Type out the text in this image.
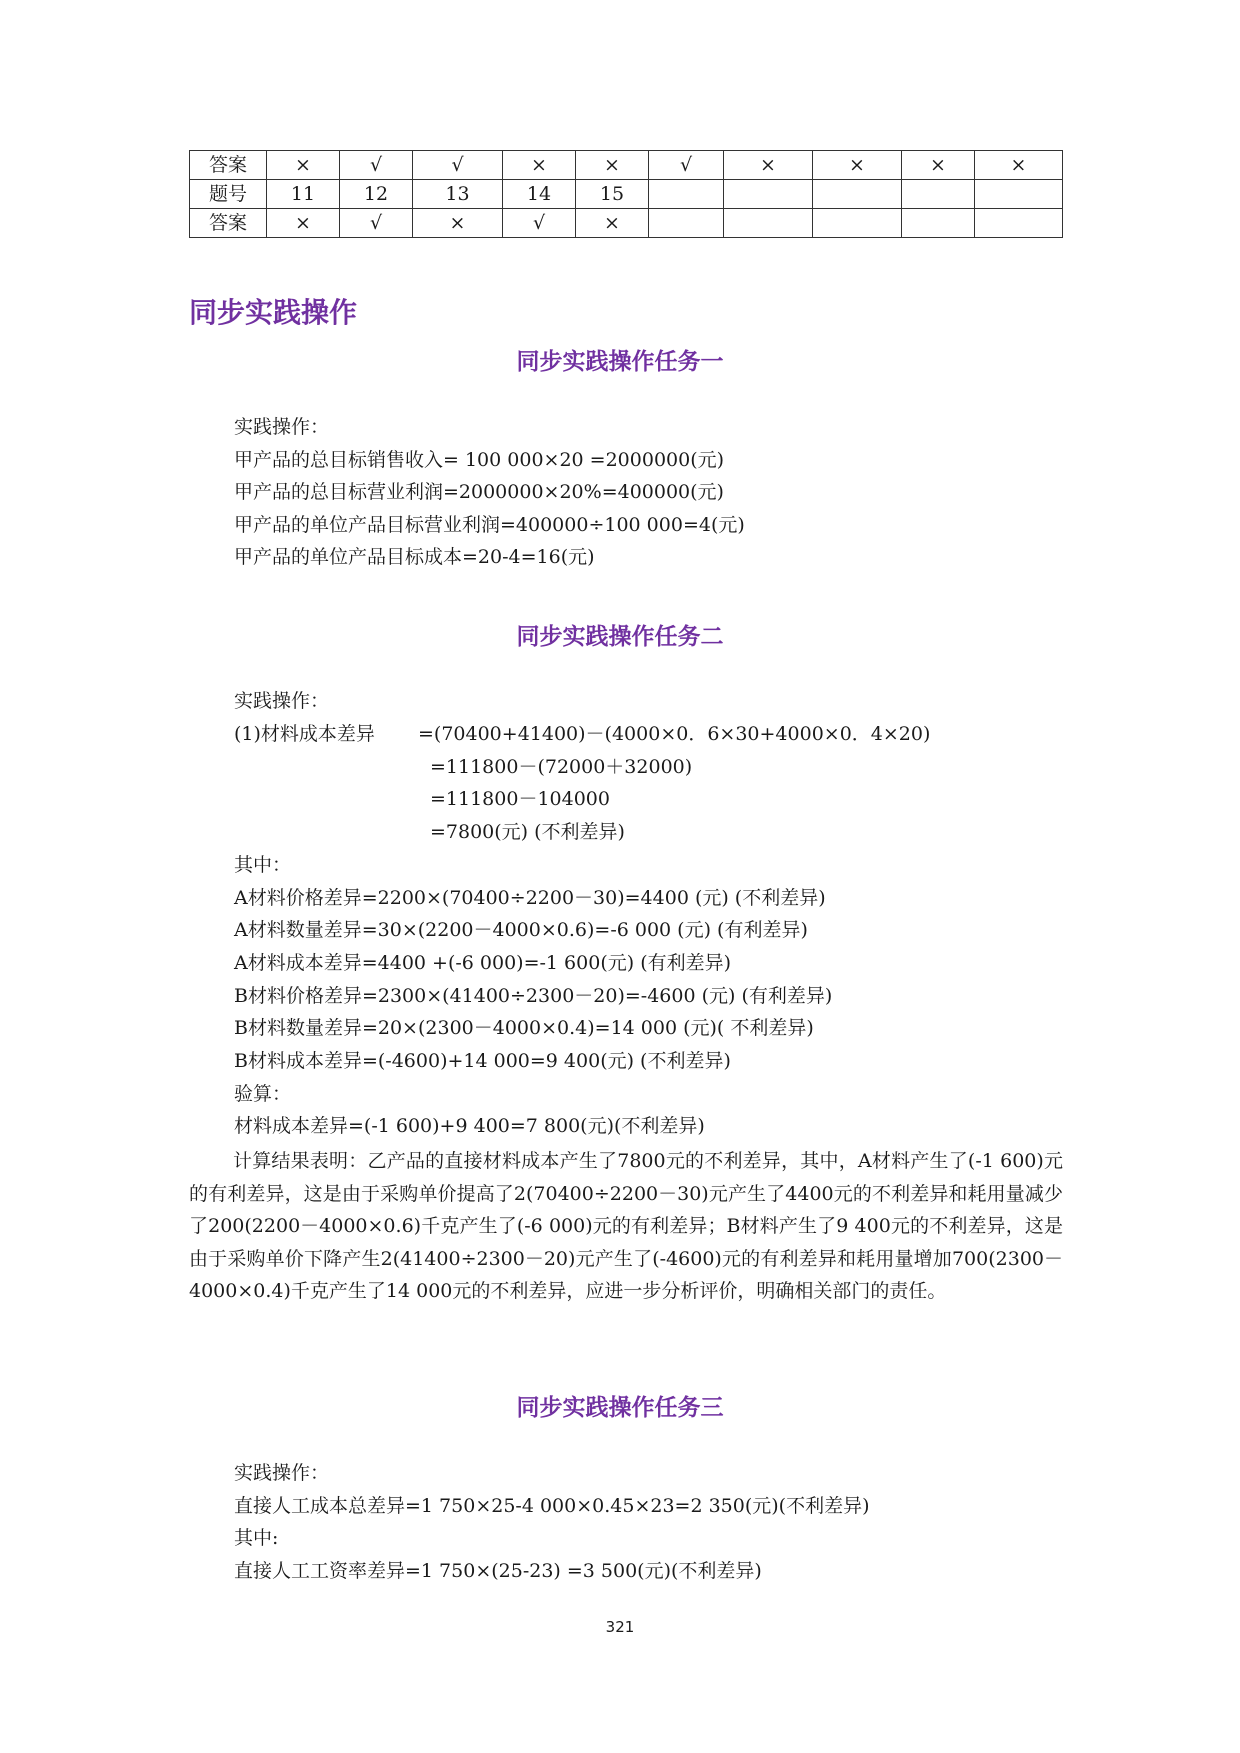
答案	×	√	√	×	×	√	×	×	×	×
题号	11	12	13	14	15					
答案	×	√	×	√	×					
同步实践操作
同步实践操作任务一

实践操作：

甲产品的总目标销售收入= 100 000×20 =2000000(元)

甲产品的总目标营业利润=2000000×20%=400000(元)

甲产品的单位产品目标营业利润=400000÷100 000=4(元)

甲产品的单位产品目标成本=20-4=16(元)

同步实践操作任务二

实践操作：

(1)材料成本差异 =(70400+41400)－(4000×0．6×30+4000×0．4×20)

=111800－(72000＋32000)

=111800－104000

=7800(元) (不利差异)

其中：

A材料价格差异=2200×(70400÷2200－30)=4400 (元) (不利差异)

A材料数量差异=30×(2200－4000×0.6)=-6 000 (元) (有利差异)

A材料成本差异=4400 +(-6 000)=-1 600(元) (有利差异)

B材料价格差异=2300×(41400÷2300－20)=-4600 (元) (有利差异)

B材料数量差异=20×(2300－4000×0.4)=14 000 (元)( 不利差异)

B材料成本差异=(-4600)+14 000=9 400(元) (不利差异)

验算：

材料成本差异=(-1 600)+9 400=7 800(元)(不利差异)

计算结果表明：乙产品的直接材料成本产生了7800元的不利差异，其中，A材料产生了(-1 600)元的有利差异，这是由于采购单价提高了2(70400÷2200－30)元产生了4400元的不利差异和耗用量减少了200(2200－4000×0.6)千克产生了(-6 000)元的有利差异；B材料产生了9 400元的不利差异，这是由于采购单价下降产生2(41400÷2300－20)元产生了(-4600)元的有利差异和耗用量增加700(2300－4000×0.4)千克产生了14 000元的不利差异，应进一步分析评价，明确相关部门的责任。

同步实践操作任务三

实践操作：

直接人工成本总差异=1 750×25-4 000×0.45×23=2 350(元)(不利差异)

其中:

直接人工工资率差异=1 750×(25-23) =3 500(元)(不利差异)

321
